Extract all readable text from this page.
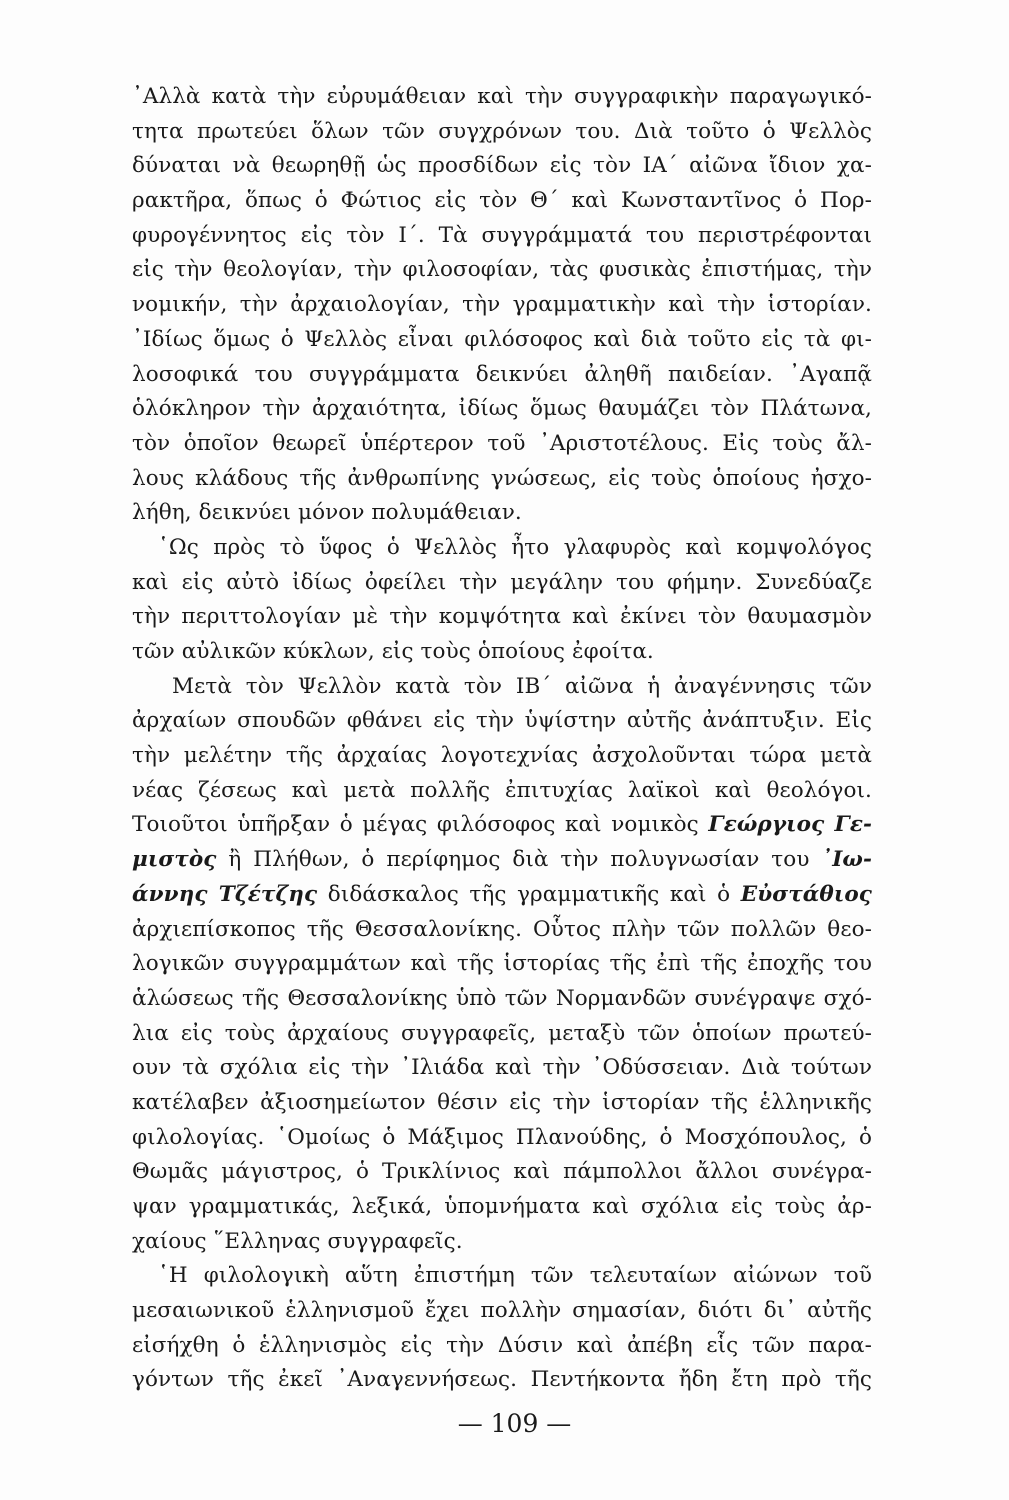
᾿Αλλὰ κατὰ τὴν εὐρυμάθειαν καὶ τὴν συγγραφικὴν παραγωγικό-
τητα πρωτεύει ὅλων τῶν συγχρόνων του. Διὰ τοῦτο ὁ Ψελλὸς
δύναται νὰ θεωρηθῇ ὡς προσδίδων εἰς τὸν ΙΑ΄ αἰῶνα ἴδιον χα-
ρακτῆρα, ὅπως ὁ Φώτιος εἰς τὸν Θ΄ καὶ Κωνσταντῖνος ὁ Πορ-
φυρογέννητος εἰς τὸν Ι΄. Τὰ συγγράμματά του περιστρέφονται
εἰς τὴν θεολογίαν, τὴν φιλοσοφίαν, τὰς φυσικὰς ἐπιστήμας, τὴν
νομικήν, τὴν ἀρχαιολογίαν, τὴν γραμματικὴν καὶ τὴν ἱστορίαν.
᾿Ιδίως ὅμως ὁ Ψελλὸς εἶναι φιλόσοφος καὶ διὰ τοῦτο εἰς τὰ φι-
λοσοφικά του συγγράμματα δεικνύει ἀληθῆ παιδείαν. ᾿Αγαπᾷ
ὁλόκληρον τὴν ἀρχαιότητα, ἰδίως ὅμως θαυμάζει τὸν Πλάτωνα,
τὸν ὁποῖον θεωρεῖ ὑπέρτερον τοῦ ᾿Αριστοτέλους. Εἰς τοὺς ἄλ-
λους κλάδους τῆς ἀνθρωπίνης γνώσεως, εἰς τοὺς ὁποίους ἠσχο-
λήθη, δεικνύει μόνον πολυμάθειαν.
῾Ως πρὸς τὸ ὕφος ὁ Ψελλὸς ἦτο γλαφυρὸς καὶ κομψολόγος
καὶ εἰς αὐτὸ ἰδίως ὀφείλει τὴν μεγάλην του φήμην. Συνεδύαζε
τὴν περιττολογίαν μὲ τὴν κομψότητα καὶ ἐκίνει τὸν θαυμασμὸν
τῶν αὐλικῶν κύκλων, εἰς τοὺς ὁποίους ἐφοίτα.
Μετὰ τὸν Ψελλὸν κατὰ τὸν ΙΒ΄ αἰῶνα ἡ ἀναγέννησις τῶν
ἀρχαίων σπουδῶν φθάνει εἰς τὴν ὑψίστην αὐτῆς ἀνάπτυξιν. Εἰς
τὴν μελέτην τῆς ἀρχαίας λογοτεχνίας ἀσχολοῦνται τώρα μετὰ
νέας ζέσεως καὶ μετὰ πολλῆς ἐπιτυχίας λαϊκοὶ καὶ θεολόγοι.
Τοιοῦτοι ὑπῆρξαν ὁ μέγας φιλόσοφος καὶ νομικὸς Γεώργιος Γε-
μιστὸς ἢ Πλήθων, ὁ περίφημος διὰ τὴν πολυγνωσίαν του ᾿Ιω-
άννης Τζέτζης διδάσκαλος τῆς γραμματικῆς καὶ ὁ Εὐστάθιος
ἀρχιεπίσκοπος τῆς Θεσσαλονίκης. Οὗτος πλὴν τῶν πολλῶν θεο-
λογικῶν συγγραμμάτων καὶ τῆς ἱστορίας τῆς ἐπὶ τῆς ἐποχῆς του
ἁλώσεως τῆς Θεσσαλονίκης ὑπὸ τῶν Νορμανδῶν συνέγραψε σχό-
λια εἰς τοὺς ἀρχαίους συγγραφεῖς, μεταξὺ τῶν ὁποίων πρωτεύ-
ουν τὰ σχόλια εἰς τὴν ᾿Ιλιάδα καὶ τὴν ᾿Οδύσσειαν. Διὰ τούτων
κατέλαβεν ἀξιοσημείωτον θέσιν εἰς τὴν ἱστορίαν τῆς ἑλληνικῆς
φιλολογίας. ῾Ομοίως ὁ Μάξιμος Πλανούδης, ὁ Μοσχόπουλος, ὁ
Θωμᾶς μάγιστρος, ὁ Τρικλίνιος καὶ πάμπολλοι ἄλλοι συνέγρα-
ψαν γραμματικάς, λεξικά, ὑπομνήματα καὶ σχόλια εἰς τοὺς ἀρ-
χαίους ῞Ελληνας συγγραφεῖς.
῾Η φιλολογικὴ αὕτη ἐπιστήμη τῶν τελευταίων αἰώνων τοῦ
μεσαιωνικοῦ ἑλληνισμοῦ ἔχει πολλὴν σημασίαν, διότι δι᾿ αὐτῆς
εἰσήχθη ὁ ἑλληνισμὸς εἰς τὴν Δύσιν καὶ ἀπέβη εἷς τῶν παρα-
γόντων τῆς ἐκεῖ ᾿Αναγεννήσεως. Πεντήκοντα ἤδη ἔτη πρὸ τῆς
— 109 —
